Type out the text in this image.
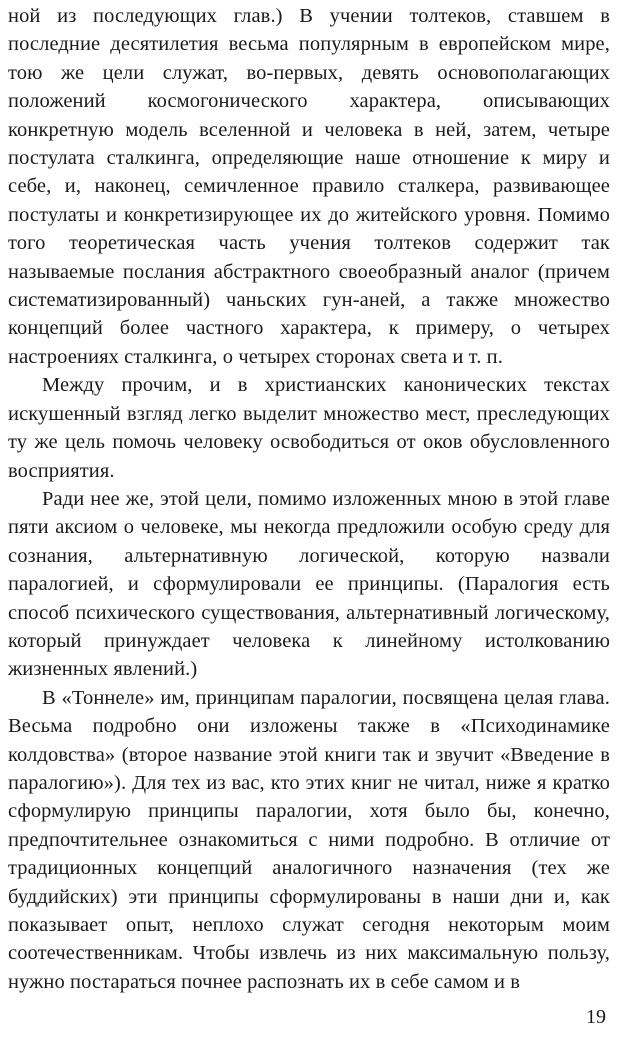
ной из последующих глав.) В учении толтеков, ставшем в последние десятилетия весьма популярным в европейском мире, тою же цели служат, во-первых, девять основополагающих положений космогонического характера, описывающих конкретную модель вселенной и человека в ней, затем, четыре постулата сталкинга, определяющие наше отношение к миру и себе, и, наконец, семичленное правило сталкера, развивающее постулаты и конкретизирующее их до житейского уровня. Помимо того теоретическая часть учения толтеков содержит так называемые послания абстрактного своеобразный аналог (причем систематизированный) чаньских гун-аней, а также множество концепций более частного характера, к примеру, о четырех настроениях сталкинга, о четырех сторонах света и т. п.

Между прочим, и в христианских канонических текстах искушенный взгляд легко выделит множество мест, преследующих ту же цель помочь человеку освободиться от оков обусловленного восприятия.

Ради нее же, этой цели, помимо изложенных мною в этой главе пяти аксиом о человеке, мы некогда предложили особую среду для сознания, альтернативную логической, которую назвали паралогией, и сформулировали ее принципы. (Паралогия есть способ психического существования, альтернативный логическому, который принуждает человека к линейному истолкованию жизненных явлений.)

В «Тоннеле» им, принципам паралогии, посвящена целая глава. Весьма подробно они изложены также в «Психодинамике колдовства» (второе название этой книги так и звучит «Введение в паралогию»). Для тех из вас, кто этих книг не читал, ниже я кратко сформулирую принципы паралогии, хотя было бы, конечно, предпочтительнее ознакомиться с ними подробно. В отличие от традиционных концепций аналогичного назначения (тех же буддийских) эти принципы сформулированы в наши дни и, как показывает опыт, неплохо служат сегодня некоторым моим соотечественникам. Чтобы извлечь из них максимальную пользу, нужно постараться почнее распознать их в себе самом и в

19
